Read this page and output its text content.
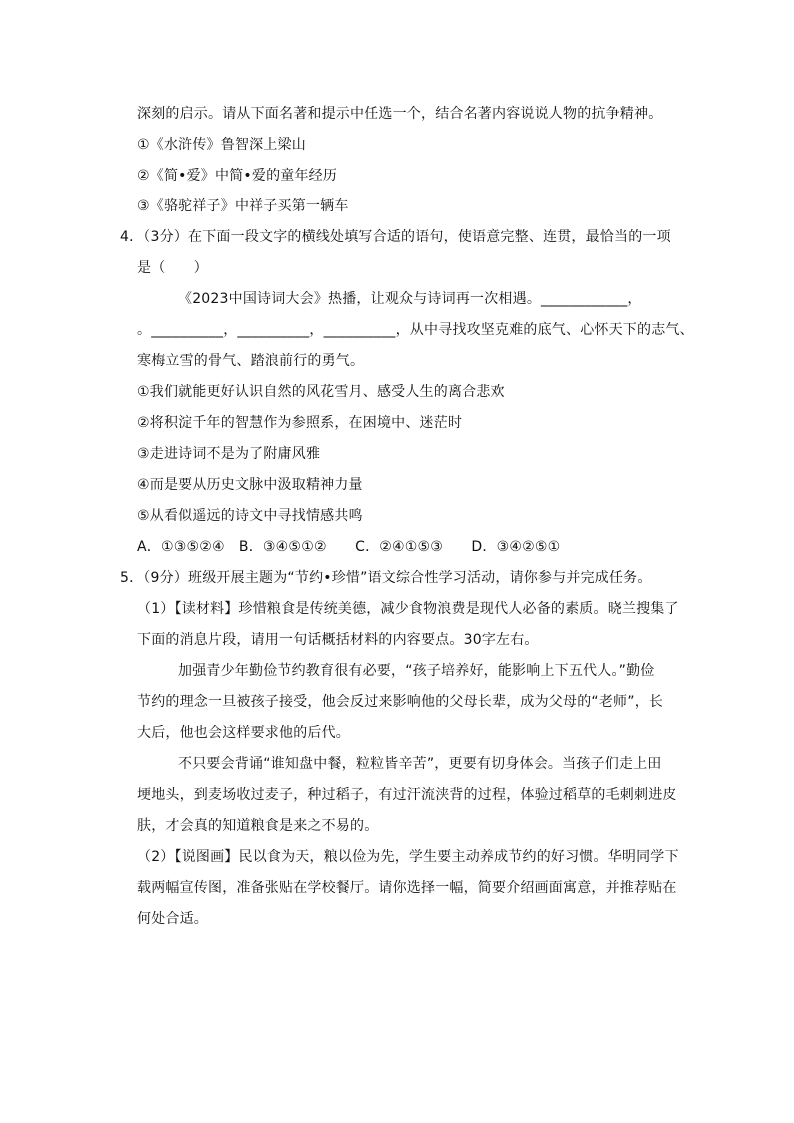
深刻的启示。请从下面名著和提示中任选一个，结合名著内容说说人物的抗争精神。
①《水浒传》鲁智深上梁山
②《简•爱》中简•爱的童年经历
③《骆驼祥子》中祥子买第一辆车
4．（3分）在下面一段文字的横线处填写合适的语句，使语意完整、连贯，最恰当的一项
是（　　）
《2023中国诗词大会》热播，让观众与诗词再一次相遇。____________，
。__________，__________，__________，从中寻找攻坚克难的底气、心怀天下的志气、
寒梅立雪的骨气、踏浪前行的勇气。
①我们就能更好认识自然的风花雪月、感受人生的离合悲欢
②将积淀千年的智慧作为参照系，在困境中、迷茫时
③走进诗词不是为了附庸风雅
④而是要从历史文脉中汲取精神力量
⑤从看似遥远的诗文中寻找情感共鸣
A．①③⑤②④　B．③④⑤①②　　C．②④①⑤③　　D．③④②⑤①
5．（9分）班级开展主题为“节约•珍惜”语文综合性学习活动，请你参与并完成任务。
（1）【读材料】珍惜粮食是传统美德，减少食物浪费是现代人必备的素质。晓兰搜集了
下面的消息片段，请用一句话概括材料的内容要点。30字左右。
加强青少年勤俭节约教育很有必要，“孩子培养好，能影响上下五代人。”勤俭
节约的理念一旦被孩子接受，他会反过来影响他的父母长辈，成为父母的“老师”，长
大后，他也会这样要求他的后代。
不只要会背诵“谁知盘中餐，粒粒皆辛苦”，更要有切身体会。当孩子们走上田
埂地头，到麦场收过麦子，种过稻子，有过汗流浃背的过程，体验过稻草的毛刺刺进皮
肤，才会真的知道粮食是来之不易的。
（2）【说图画】民以食为天，粮以俭为先，学生要主动养成节约的好习惯。华明同学下
载两幅宣传图，准备张贴在学校餐厅。请你选择一幅，简要介绍画面寓意，并推荐贴在
何处合适。
